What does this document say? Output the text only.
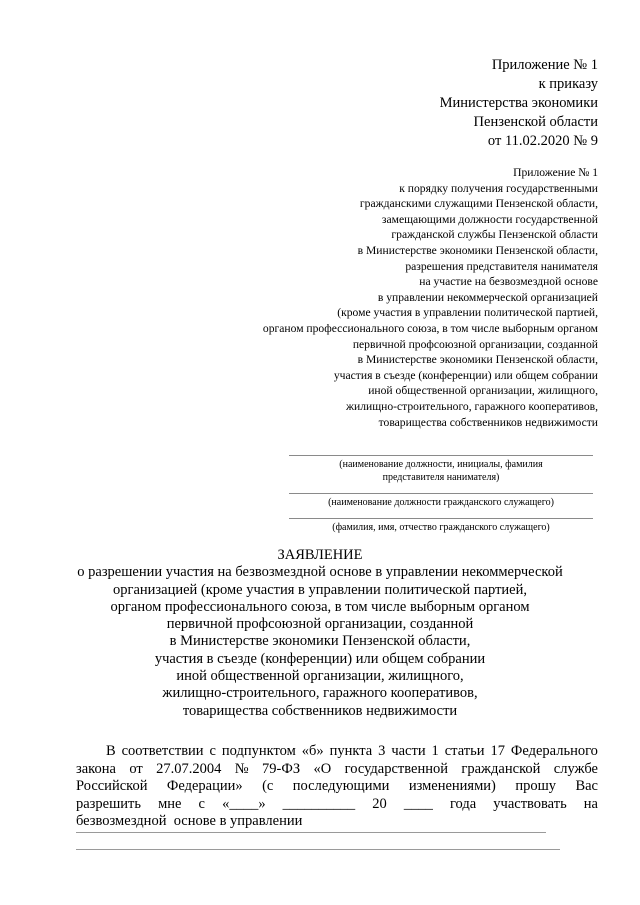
Приложение № 1
к приказу
Министерства экономики
Пензенской области
от 11.02.2020 № 9
Приложение № 1
к порядку получения государственными
гражданскими служащими Пензенской области,
замещающими должности государственной
гражданской службы Пензенской области
в Министерстве экономики Пензенской области,
разрешения представителя нанимателя
на участие на безвозмездной основе
в управлении некоммерческой организацией
(кроме участия в управлении политической партией,
органом профессионального союза, в том числе выборным органом
первичной профсоюзной организации, созданной
в Министерстве экономики Пензенской области,
участия в съезде (конференции) или общем собрании
иной общественной организации, жилищного,
жилищно-строительного, гаражного кооперативов,
товарищества собственников недвижимости
(наименование должности, инициалы, фамилия
представителя нанимателя)
(наименование должности гражданского служащего)
(фамилия, имя, отчество гражданского служащего)
ЗАЯВЛЕНИЕ
о разрешении участия на безвозмездной основе в управлении некоммерческой
организацией (кроме участия в управлении политической партией,
органом профессионального союза, в том числе выборным органом
первичной профсоюзной организации, созданной
в Министерстве экономики Пензенской области,
участия в съезде (конференции) или общем собрании
иной общественной организации, жилищного,
жилищно-строительного, гаражного кооперативов,
товарищества собственников недвижимости
В соответствии с подпунктом «б» пункта 3 части 1 статьи 17 Федерального
закона от 27.07.2004 № 79-ФЗ «О государственной гражданской службе
Российской Федерации» (с последующими изменениями) прошу Вас
разрешить мне с «____» __________ 20 ____ года участвовать на
безвозмездной  основе в управлении
